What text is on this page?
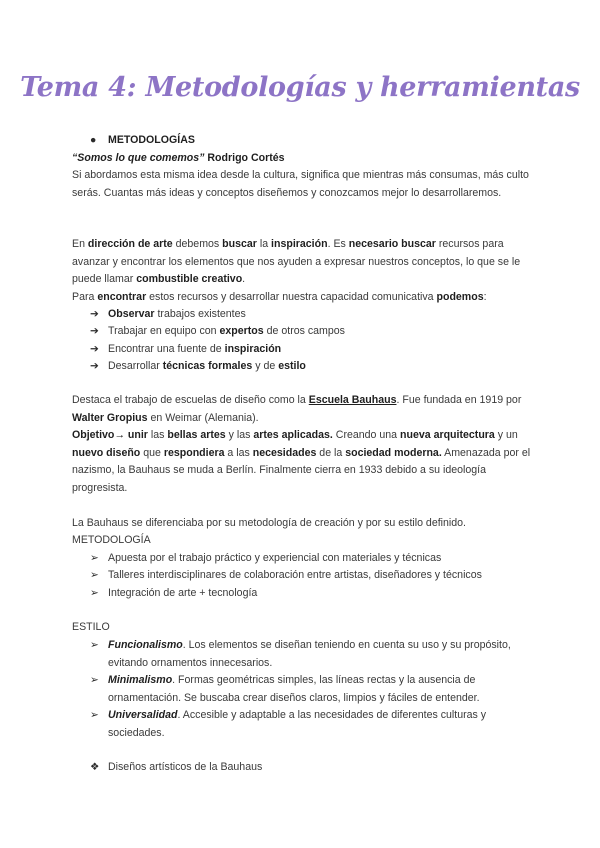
Tema 4: Metodologías y herramientas
● METODOLOGÍAS
“Somos lo que comemos” Rodrigo Cortés
Si abordamos esta misma idea desde la cultura, significa que mientras más consumas, más culto serás. Cuantas más ideas y conceptos diseñemos y conozcamos mejor lo desarrollaremos.
En dirección de arte debemos buscar la inspiración. Es necesario buscar recursos para avanzar y encontrar los elementos que nos ayuden a expresar nuestros conceptos, lo que se le puede llamar combustible creativo.
Para encontrar estos recursos y desarrollar nuestra capacidad comunicativa podemos:
➔ Observar trabajos existentes
➔ Trabajar en equipo con expertos de otros campos
➔ Encontrar una fuente de inspiración
➔ Desarrollar técnicas formales y de estilo
Destaca el trabajo de escuelas de diseño como la Escuela Bauhaus. Fue fundada en 1919 por Walter Gropius en Weimar (Alemania).
Objetivo→ unir las bellas artes y las artes aplicadas. Creando una nueva arquitectura y un nuevo diseño que respondiera a las necesidades de la sociedad moderna. Amenazada por el nazismo, la Bauhaus se muda a Berlín. Finalmente cierra en 1933 debido a su ideología progresista.
La Bauhaus se diferenciaba por su metodología de creación y por su estilo definido.
METODOLOGÍA
➢ Apuesta por el trabajo práctico y experiencial con materiales y técnicas
➢ Talleres interdisciplinares de colaboración entre artistas, diseñadores y técnicos
➢ Integración de arte + tecnología
ESTILO
➢ Funcionalismo. Los elementos se diseñan teniendo en cuenta su uso y su propósito, evitando ornamentos innecesarios.
➢ Minimalismo. Formas geométricas simples, las líneas rectas y la ausencia de ornamentación. Se buscaba crear diseños claros, limpios y fáciles de entender.
➢ Universalidad. Accesible y adaptable a las necesidades de diferentes culturas y sociedades.
❖ Diseños artísticos de la Bauhaus
